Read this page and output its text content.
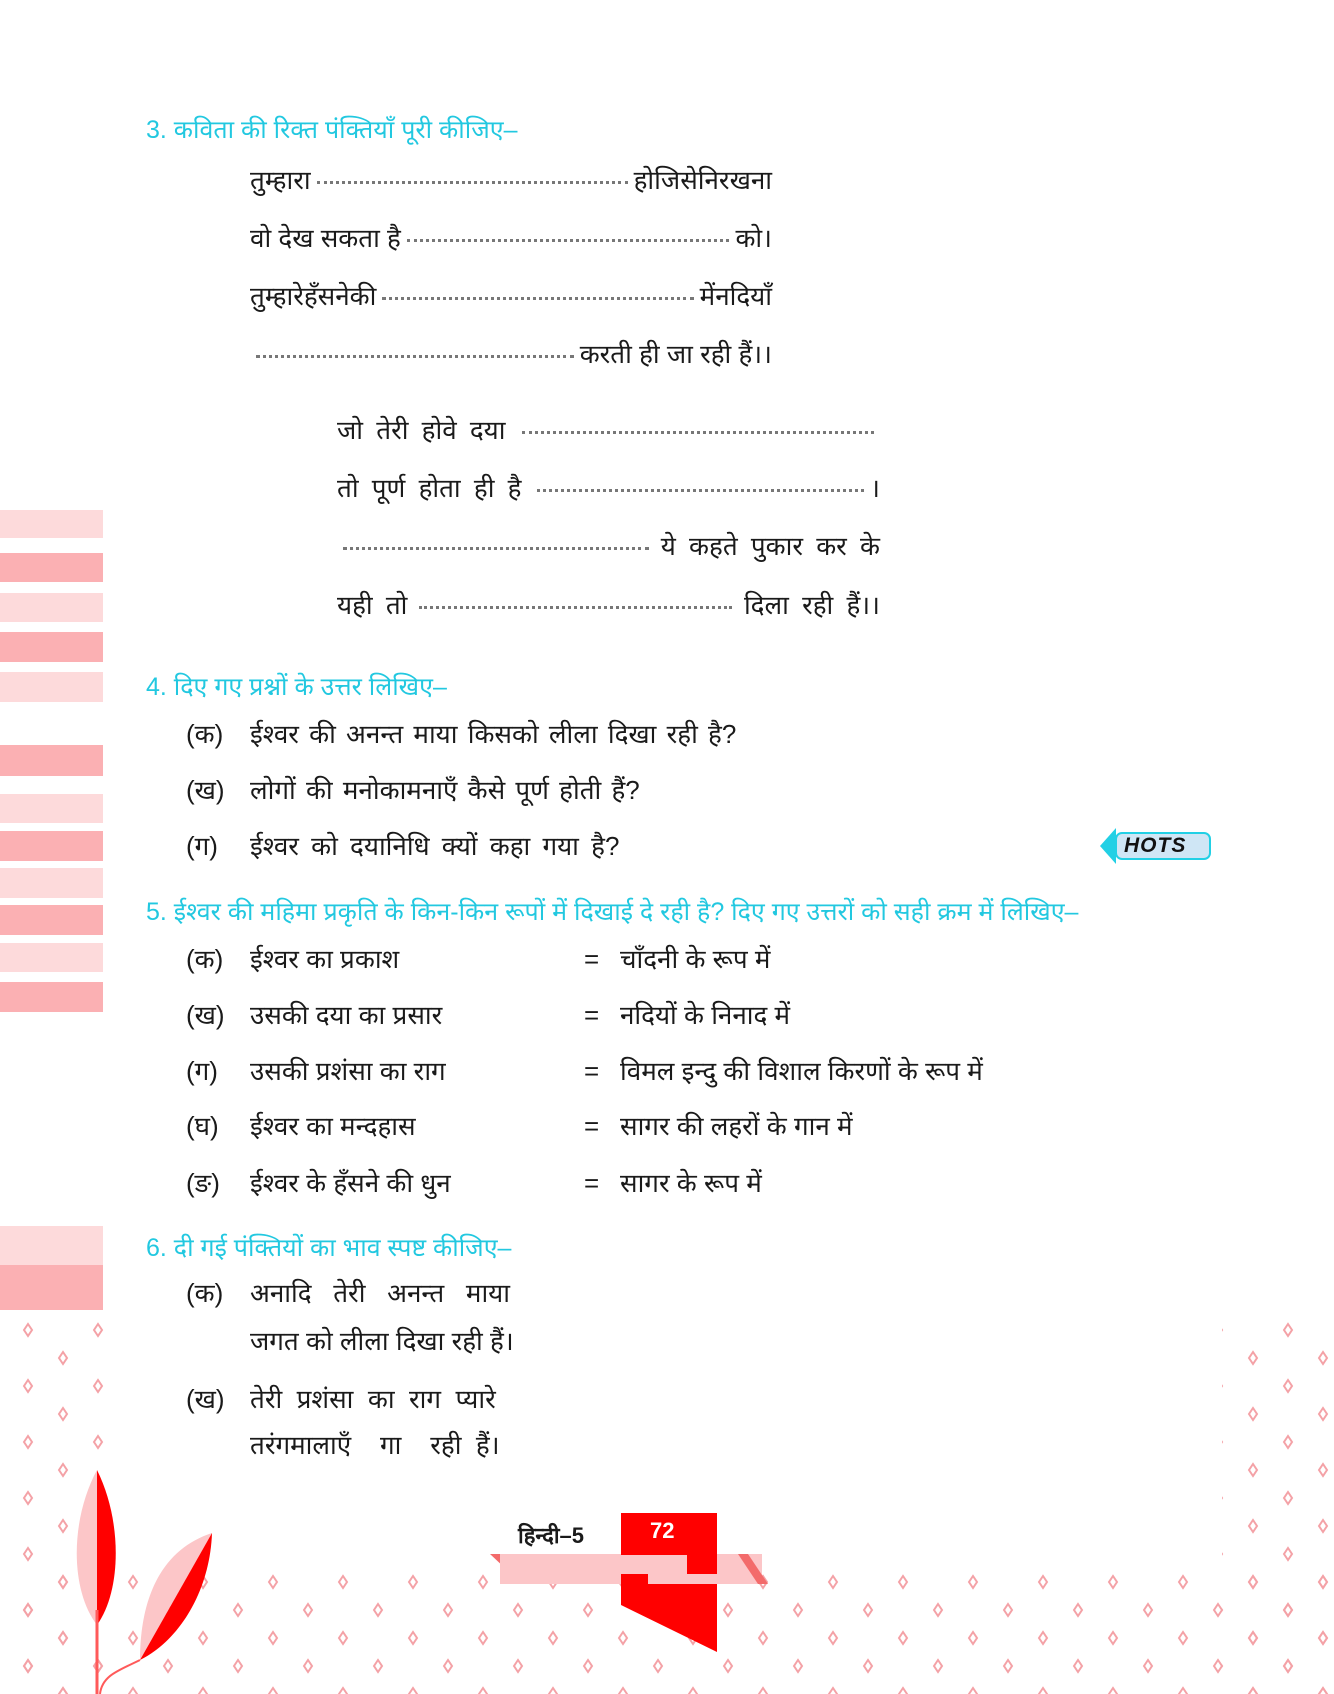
3. कविता की रिक्त पंक्तियाँ पूरी कीजिए–
तुम्हारा	होजिसेनिरखना
वो देख सकता है	को।
तुम्हारेहँसनेकी	मेंनदियाँ
करती ही जा रही हैं।।
जो तेरी होवे दया
तो पूर्ण होता ही है	।
ये कहते पुकार कर के
यही तो	दिला रही हैं।।
4. दिए गए प्रश्नों के उत्तर लिखिए–
(क) ईश्वर की अनन्त माया किसको लीला दिखा रही है?
(ख) लोगों की मनोकामनाएँ कैसे पूर्ण होती हैं?
(ग) ईश्वर को दयानिधि क्यों कहा गया है?	HOTS
5. ईश्वर की महिमा प्रकृति के किन-किन रूपों में दिखाई दे रही है? दिए गए उत्तरों को सही क्रम में लिखिए–
(क) ईश्वर का प्रकाश	= चाँदनी के रूप में
(ख) उसकी दया का प्रसार	= नदियों के निनाद में
(ग) उसकी प्रशंसा का राग	= विमल इन्दु की विशाल किरणों के रूप में
(घ) ईश्वर का मन्दहास	= सागर की लहरों के गान में
(ङ) ईश्वर के हँसने की धुन	= सागर के रूप में
6. दी गई पंक्तियों का भाव स्पष्ट कीजिए–
(क) अनादि   तेरी   अनन्त   माया
जगत को लीला दिखा रही हैं।
(ख) तेरी  प्रशंसा  का  राग  प्यारे
तरंगमालाएँ    गा    रही  हैं।
हिन्दी–5	72
